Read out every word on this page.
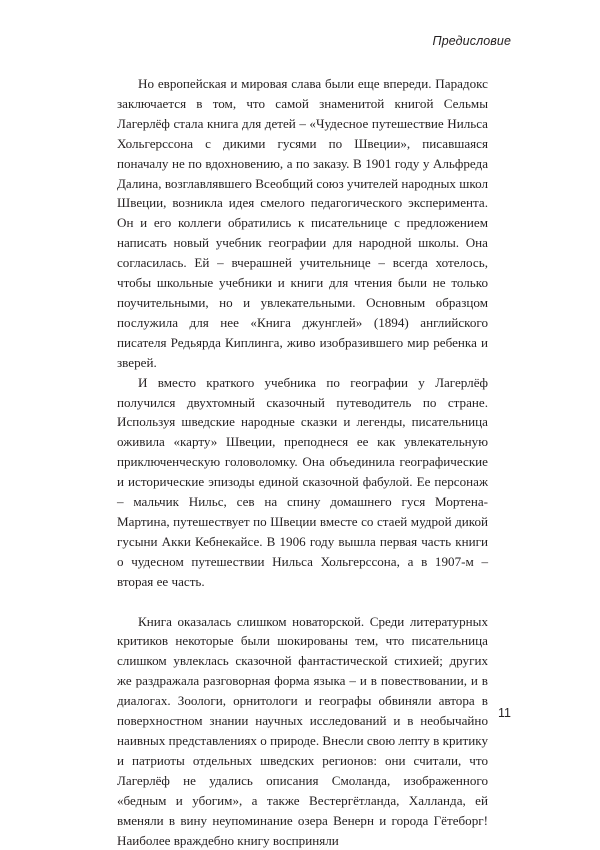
Предисловие

Но европейская и мировая слава были еще впереди. Парадокс заключается в том, что самой знаменитой книгой Сельмы Лагерлёф стала книга для детей – «Чудесное путешествие Нильса Хольгерссона с дикими гусями по Швеции», писавшаяся поначалу не по вдохновению, а по заказу. В 1901 году у Альфреда Далина, возглавлявшего Всеобщий союз учителей народных школ Швеции, возникла идея смелого педагогического эксперимента. Он и его коллеги обратились к писательнице с предложением написать новый учебник географии для народной школы. Она согласилась. Ей – вчерашней учительнице – всегда хотелось, чтобы школьные учебники и книги для чтения были не только поучительными, но и увлекательными. Основным образцом послужила для нее «Книга джунглей» (1894) английского писателя Редьярда Киплинга, живо изобразившего мир ребенка и зверей.

И вместо краткого учебника по географии у Лагерлёф получился двухтомный сказочный путеводитель по стране. Используя шведские народные сказки и легенды, писательница оживила «карту» Швеции, преподнеся ее как увлекательную приключенческую головоломку. Она объединила географические и исторические эпизоды единой сказочной фабулой. Ее персонаж – мальчик Нильс, сев на спину домашнего гуся Мортена-Мартина, путешествует по Швеции вместе со стаей мудрой дикой гусыни Акки Кебнекайсе. В 1906 году вышла первая часть книги о чудесном путешествии Нильса Хольгерссона, а в 1907-м – вторая ее часть.

Книга оказалась слишком новаторской. Среди литературных критиков некоторые были шокированы тем, что писательница слишком увлеклась сказочной фантастической стихией; других же раздражала разговорная форма языка – и в повествовании, и в диалогах. Зоологи, орнитологи и географы обвиняли автора в поверхностном знании научных исследований и в необычайно наивных представлениях о природе. Внесли свою лепту в критику и патриоты отдельных шведских регионов: они считали, что Лагерлёф не удались описания Смоланда, изображенного «бедным и убогим», а также Вестергётланда, Халланда, ей вменяли в вину неупоминание озера Венерн и города Гётеборг! Наиболее враждебно книгу восприняли

11
